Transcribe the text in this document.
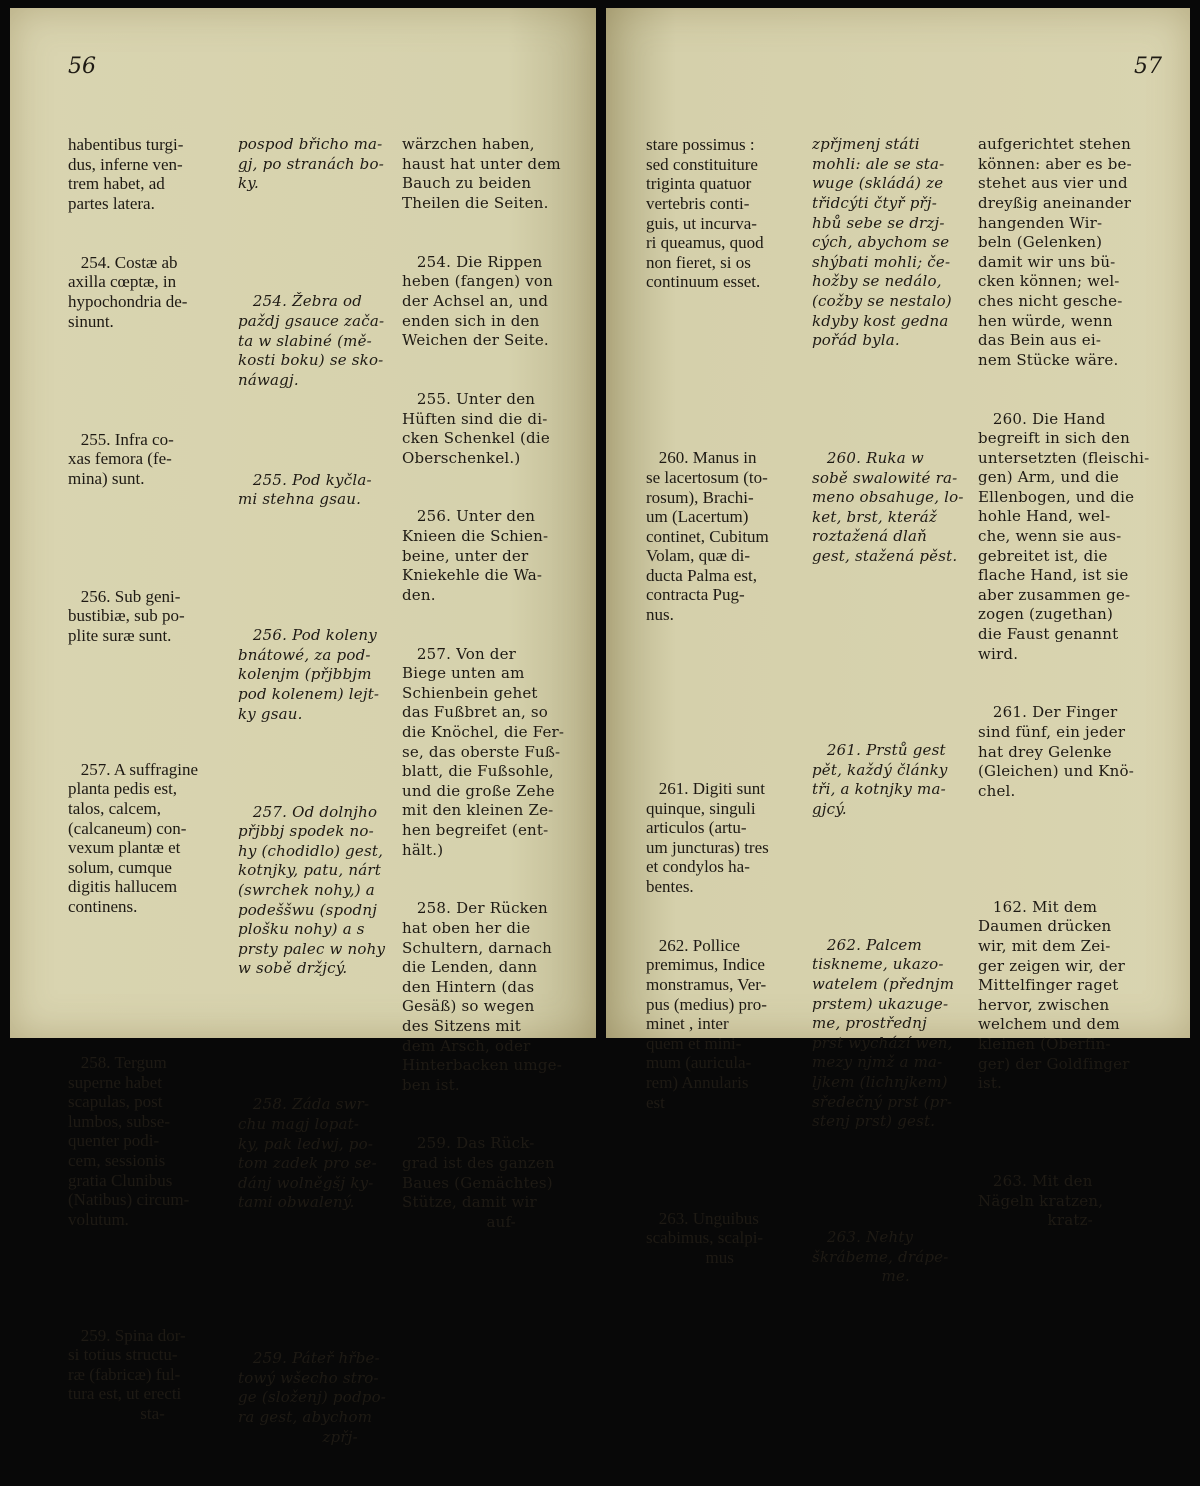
56

habentibus turgi-
dus, inferne ven-
trem habet, ad
partes latera.

254. Costæ ab
axilla cœptæ, in
hypochondria de-
sinunt.

255. Infra co-
xas femora (fe-
mina) sunt.

256. Sub geni-
bustibiæ, sub po-
plite suræ sunt.

257. A suffragine
planta pedis est,
talos, calcem,
(calcaneum) con-
vexum plantæ et
solum, cumque
digitis hallucem
continens.

258. Tergum
superne habet
scapulas, post
lumbos, subse-
quenter podi-
cem, sessionis
gratia Clunibus
(Natibus) circum-
volutum.

259. Spina dor-
si totius structu-
ræ (fabricæ) ful-
tura est, ut erecti
sta-

pospod břicho ma-
gj, po stranách bo-
ky.

254. Žebra od
paždj gsauce zača-
ta w slabiné (mě-
kosti boku) se sko-
náwagj.

255. Pod kyčla-
mi stehna gsau.

256. Pod koleny
bnátowé, za pod-
kolenjm (přjbbjm
pod kolenem) lejt-
ky gsau.

257. Od dolnjho
přjbbj spodek no-
hy (chodidlo) gest,
kotnjky, patu, nárt
(swrchek nohy,) a
podeššwu (spodnj
plošku nohy) a s
prsty palec w nohy
w sobě držjcý.

258. Záda swr-
chu magj lopat-
ky, pak ledwj, po-
tom zadek pro se-
dánj wolněgšj ky-
tami obwalený.

259. Páteř hřbe-
towý wšecho stro-
ge (složenj) podpo-
ra gest, abychom
zpřj-

wärzchen haben,
haust hat unter dem
Bauch zu beiden
Theilen die Seiten.

254. Die Rippen
heben (fangen) von
der Achsel an, und
enden sich in den
Weichen der Seite.

255. Unter den
Hüften sind die di-
cken Schenkel (die
Oberschenkel.)

256. Unter den
Knieen die Schien-
beine, unter der
Kniekehle die Wa-
den.

257. Von der
Biege unten am
Schienbein gehet
das Fußbret an, so
die Knöchel, die Fer-
se, das oberste Fuß-
blatt, die Fußsohle,
und die große Zehe
mit den kleinen Ze-
hen begreifet (ent-
hält.)

258. Der Rücken
hat oben her die
Schultern, darnach
die Lenden, dann
den Hintern (das
Gesäß) so wegen
des Sitzens mit
dem Arsch, oder
Hinterbacken umge-
ben ist.

259. Das Rück-
grad ist des ganzen
Baues (Gemächtes)
Stütze, damit wir
auf-

57

stare possimus :
sed constituiture
triginta quatuor
vertebris conti-
guis, ut incurva-
ri queamus, quod
non fieret, si os
continuum esset.

260. Manus in
se lacertosum (to-
rosum), Brachi-
um (Lacertum)
continet, Cubitum
Volam, quæ di-
ducta Palma est,
contracta Pug-
nus.

261. Digiti sunt
quinque, singuli
articulos (artu-
um juncturas) tres
et condylos ha-
bentes.

262. Pollice
premimus, Indice
monstramus, Ver-
pus (medius) pro-
minet , inter
quem et mini-
mum (auricula-
rem) Annularis
est

263. Unguibus
scabimus, scalpi-
mus

zpřjmenj státi
mohli: ale se sta-
wuge (skládá) ze
třidcýti čtyř přj-
hbů sebe se drzj-
cých, abychom se
shýbati mohli; če-
hožby se nedálo,
(cožby se nestalo)
kdyby kost gedna
pořád byla.

260. Ruka w
sobě swalowité ra-
meno obsahuge, lo-
ket, brst, kteráž
roztažená dlaň
gest, stažená pěst.

261. Prstů gest
pět, každý články
tři, a kotnjky ma-
gjcý.

262. Palcem
tiskneme, ukazo-
watelem (přednjm
prstem) ukazuge-
me, prostřednj
prst wychází wen,
mezy njmž a ma-
ljkem (lichnjkem)
sředečný prst (pr-
stenj prst) gest.

263. Nehty
škrábeme, drápe-
me.

aufgerichtet stehen
können: aber es be-
stehet aus vier und
dreyßig aneinander
hangenden Wir-
beln (Gelenken)
damit wir uns bü-
cken können; wel-
ches nicht gesche-
hen würde, wenn
das Bein aus ei-
nem Stücke wäre.

260. Die Hand
begreift in sich den
untersetzten (fleischi-
gen) Arm, und die
Ellenbogen, und die
hohle Hand, wel-
che, wenn sie aus-
gebreitet ist, die
flache Hand, ist sie
aber zusammen ge-
zogen (zugethan)
die Faust genannt
wird.

261. Der Finger
sind fünf, ein jeder
hat drey Gelenke
(Gleichen) und Knö-
chel.

162. Mit dem
Daumen drücken
wir, mit dem Zei-
ger zeigen wir, der
Mittelfinger raget
hervor, zwischen
welchem und dem
kleinen (Oberfin-
ger) der Goldfinger
ist.

263. Mit den
Nägeln kratzen,
kratz-
